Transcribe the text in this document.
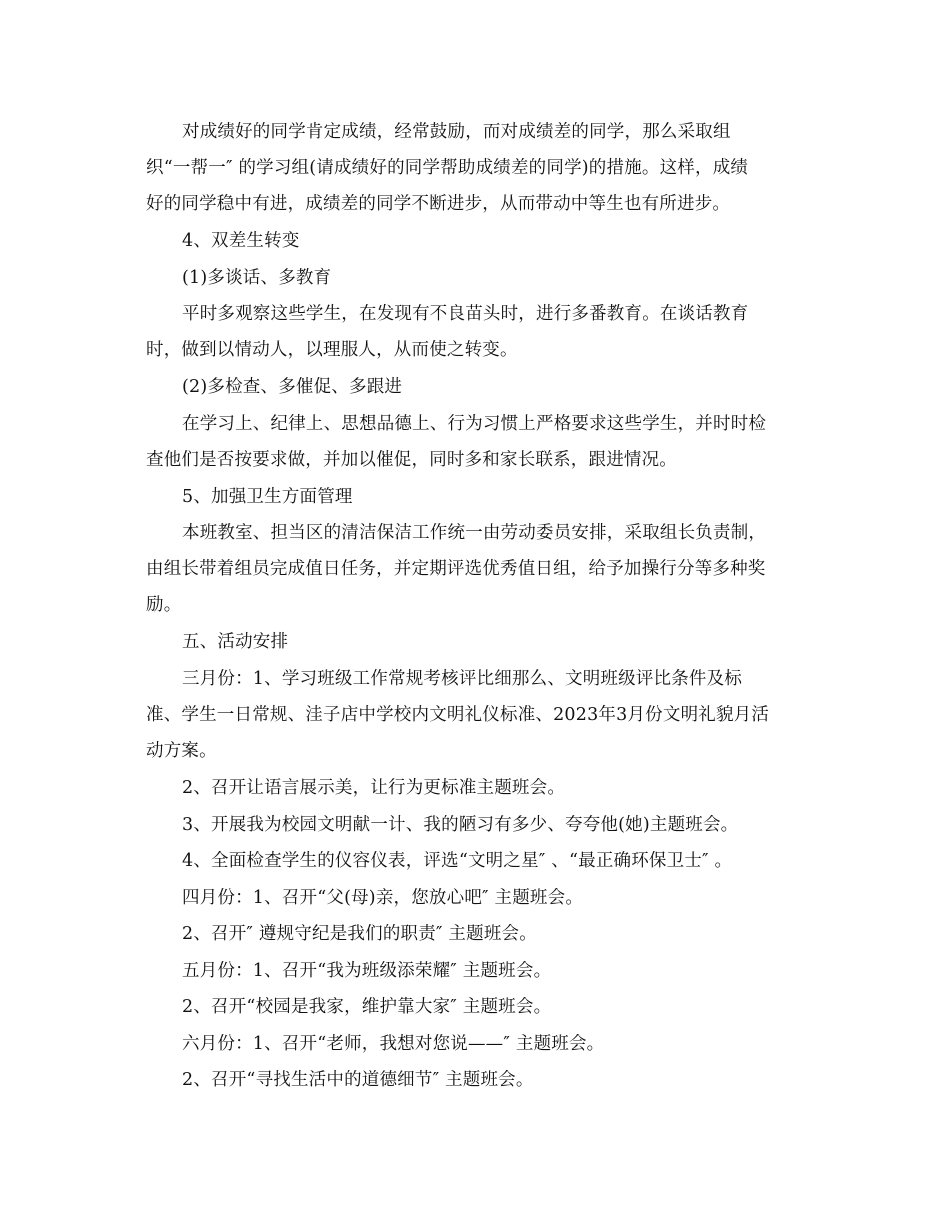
对成绩好的同学肯定成绩，经常鼓励，而对成绩差的同学，那么采取组
织“一帮一″ 的学习组(请成绩好的同学帮助成绩差的同学)的措施。这样，成绩
好的同学稳中有进，成绩差的同学不断进步，从而带动中等生也有所进步。
4、双差生转变
(1)多谈话、多教育
平时多观察这些学生，在发现有不良苗头时，进行多番教育。在谈话教育
时，做到以情动人，以理服人，从而使之转变。
(2)多检查、多催促、多跟进
在学习上、纪律上、思想品德上、行为习惯上严格要求这些学生，并时时检
查他们是否按要求做，并加以催促，同时多和家长联系，跟进情况。
5、加强卫生方面管理
本班教室、担当区的清洁保洁工作统一由劳动委员安排，采取组长负责制，
由组长带着组员完成值日任务，并定期评选优秀值日组，给予加操行分等多种奖
励。
五、活动安排
三月份：1、学习班级工作常规考核评比细那么、文明班级评比条件及标
准、学生一日常规、洼子店中学校内文明礼仪标准、2023年3月份文明礼貌月活
动方案。
2、召开让语言展示美，让行为更标准主题班会。
3、开展我为校园文明献一计、我的陋习有多少、夸夸他(她)主题班会。
4、全面检查学生的仪容仪表，评选“文明之星″ 、“最正确环保卫士″ 。
四月份：1、召开“父(母)亲，您放心吧″ 主题班会。
2、召开″ 遵规守纪是我们的职责″ 主题班会。
五月份：1、召开“我为班级添荣耀″ 主题班会。
2、召开“校园是我家，维护靠大家″ 主题班会。
六月份：1、召开“老师，我想对您说——″ 主题班会。
2、召开“寻找生活中的道德细节″ 主题班会。
